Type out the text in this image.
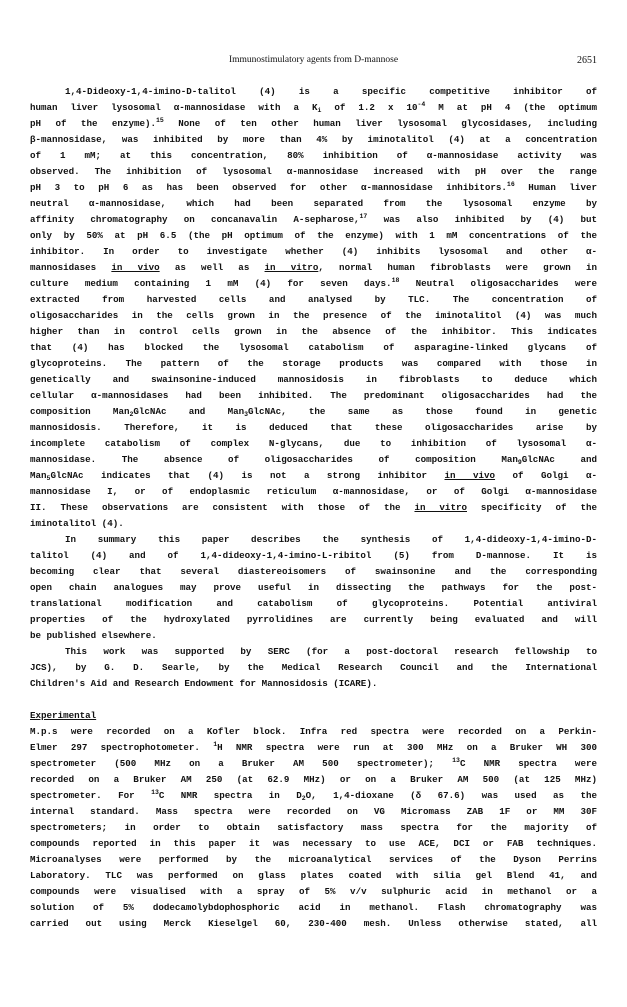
Immunostimulatory agents from D-mannose	2651
1,4-Dideoxy-1,4-imino-D-talitol (4) is a specific competitive inhibitor of
human liver lysosomal α-mannosidase with a $K_i$ of 1.2 x $10^{-4}$ M at pH 4 (the optimum
pH of the enzyme).$^{15}$ None of ten other human liver lysosomal glycosidases, including
β-mannosidase, was inhibited by more than 4% by iminotalitol (4) at a concentration
of 1 mM; at this concentration, 80% inhibition of α-mannosidase activity was
observed. The inhibition of lysosomal α-mannosidase increased with pH over the range
pH 3 to pH 6 as has been observed for other α-mannosidase inhibitors.$^{16}$ Human liver
neutral α-mannosidase, which had been separated from the lysosomal enzyme by
affinity chromatography on concanavalin A-sepharose,$^{17}$ was also inhibited by (4) but
only by 50% at pH 6.5 (the pH optimum of the enzyme) with 1 mM concentrations of the
inhibitor. In order to investigate whether (4) inhibits lysosomal and other α-
mannosidases in vivo as well as in vitro, normal human fibroblasts were grown in
culture medium containing 1 mM (4) for seven days.$^{18}$ Neutral oligosaccharides were
extracted from harvested cells and analysed by TLC. The concentration of
oligosaccharides in the cells grown in the presence of the iminotalitol (4) was much
higher than in control cells grown in the absence of the inhibitor. This indicates
that (4) has blocked the lysosomal catabolism of asparagine-linked glycans of
glycoproteins. The pattern of the storage products was compared with those in
genetically and swainsonine-induced mannosidosis in fibroblasts to deduce which
cellular α-mannosidases had been inhibited. The predominant oligosaccharides had the
composition Man$_2$GlcNAc and Man$_3$GlcNAc, the same as those found in genetic
mannosidosis. Therefore, it is deduced that these oligosaccharides arise by
incomplete catabolism of complex N-glycans, due to inhibition of lysosomal α-
mannosidase. The absence of oligosaccharides of composition Man$_9$GlcNAc and
Man$_5$GlcNAc indicates that (4) is not a strong inhibitor in vivo of Golgi α-
mannosidase I, or of endoplasmic reticulum α-mannosidase, or of Golgi α-mannosidase
II. These observations are consistent with those of the in vitro specificity of the
iminotalitol (4).
In summary this paper describes the synthesis of 1,4-dideoxy-1,4-imino-D-
talitol (4) and of 1,4-dideoxy-1,4-imino-L-ribitol (5) from D-mannose. It is
becoming clear that several diastereoisomers of swainsonine and the corresponding
open chain analogues may prove useful in dissecting the pathways for the post-
translational modification and catabolism of glycoproteins. Potential antiviral
properties of the hydroxylated pyrrolidines are currently being evaluated and will
be published elsewhere.
This work was supported by SERC (for a post-doctoral research fellowship to
JCS), by G. D. Searle, by the Medical Research Council and the International
Children's Aid and Research Endowment for Mannosidosis (ICARE).
Experimental
M.p.s were recorded on a Kofler block. Infra red spectra were recorded on a Perkin-
Elmer 297 spectrophotometer. $^1$H NMR spectra were run at 300 MHz on a Bruker WH 300
spectrometer (500 MHz on a Bruker AM 500 spectrometer); $^{13}$C NMR spectra were
recorded on a Bruker AM 250 (at 62.9 MHz) or on a Bruker AM 500 (at 125 MHz)
spectrometer. For $^{13}$C NMR spectra in $D_2O$, 1,4-dioxane (δ 67.6) was used as the
internal standard. Mass spectra were recorded on VG Micromass ZAB 1F or MM 30F
spectrometers; in order to obtain satisfactory mass spectra for the majority of
compounds reported in this paper it was necessary to use ACE, DCI or FAB techniques.
Microanalyses were performed by the microanalytical services of the Dyson Perrins
Laboratory. TLC was performed on glass plates coated with silia gel Blend 41, and
compounds were visualised with a spray of 5% v/v sulphuric acid in methanol or a
solution of 5% dodecamolybdophosphoric acid in methanol. Flash chromatography was
carried out using Merck Kieselgel 60, 230-400 mesh. Unless otherwise stated, all
